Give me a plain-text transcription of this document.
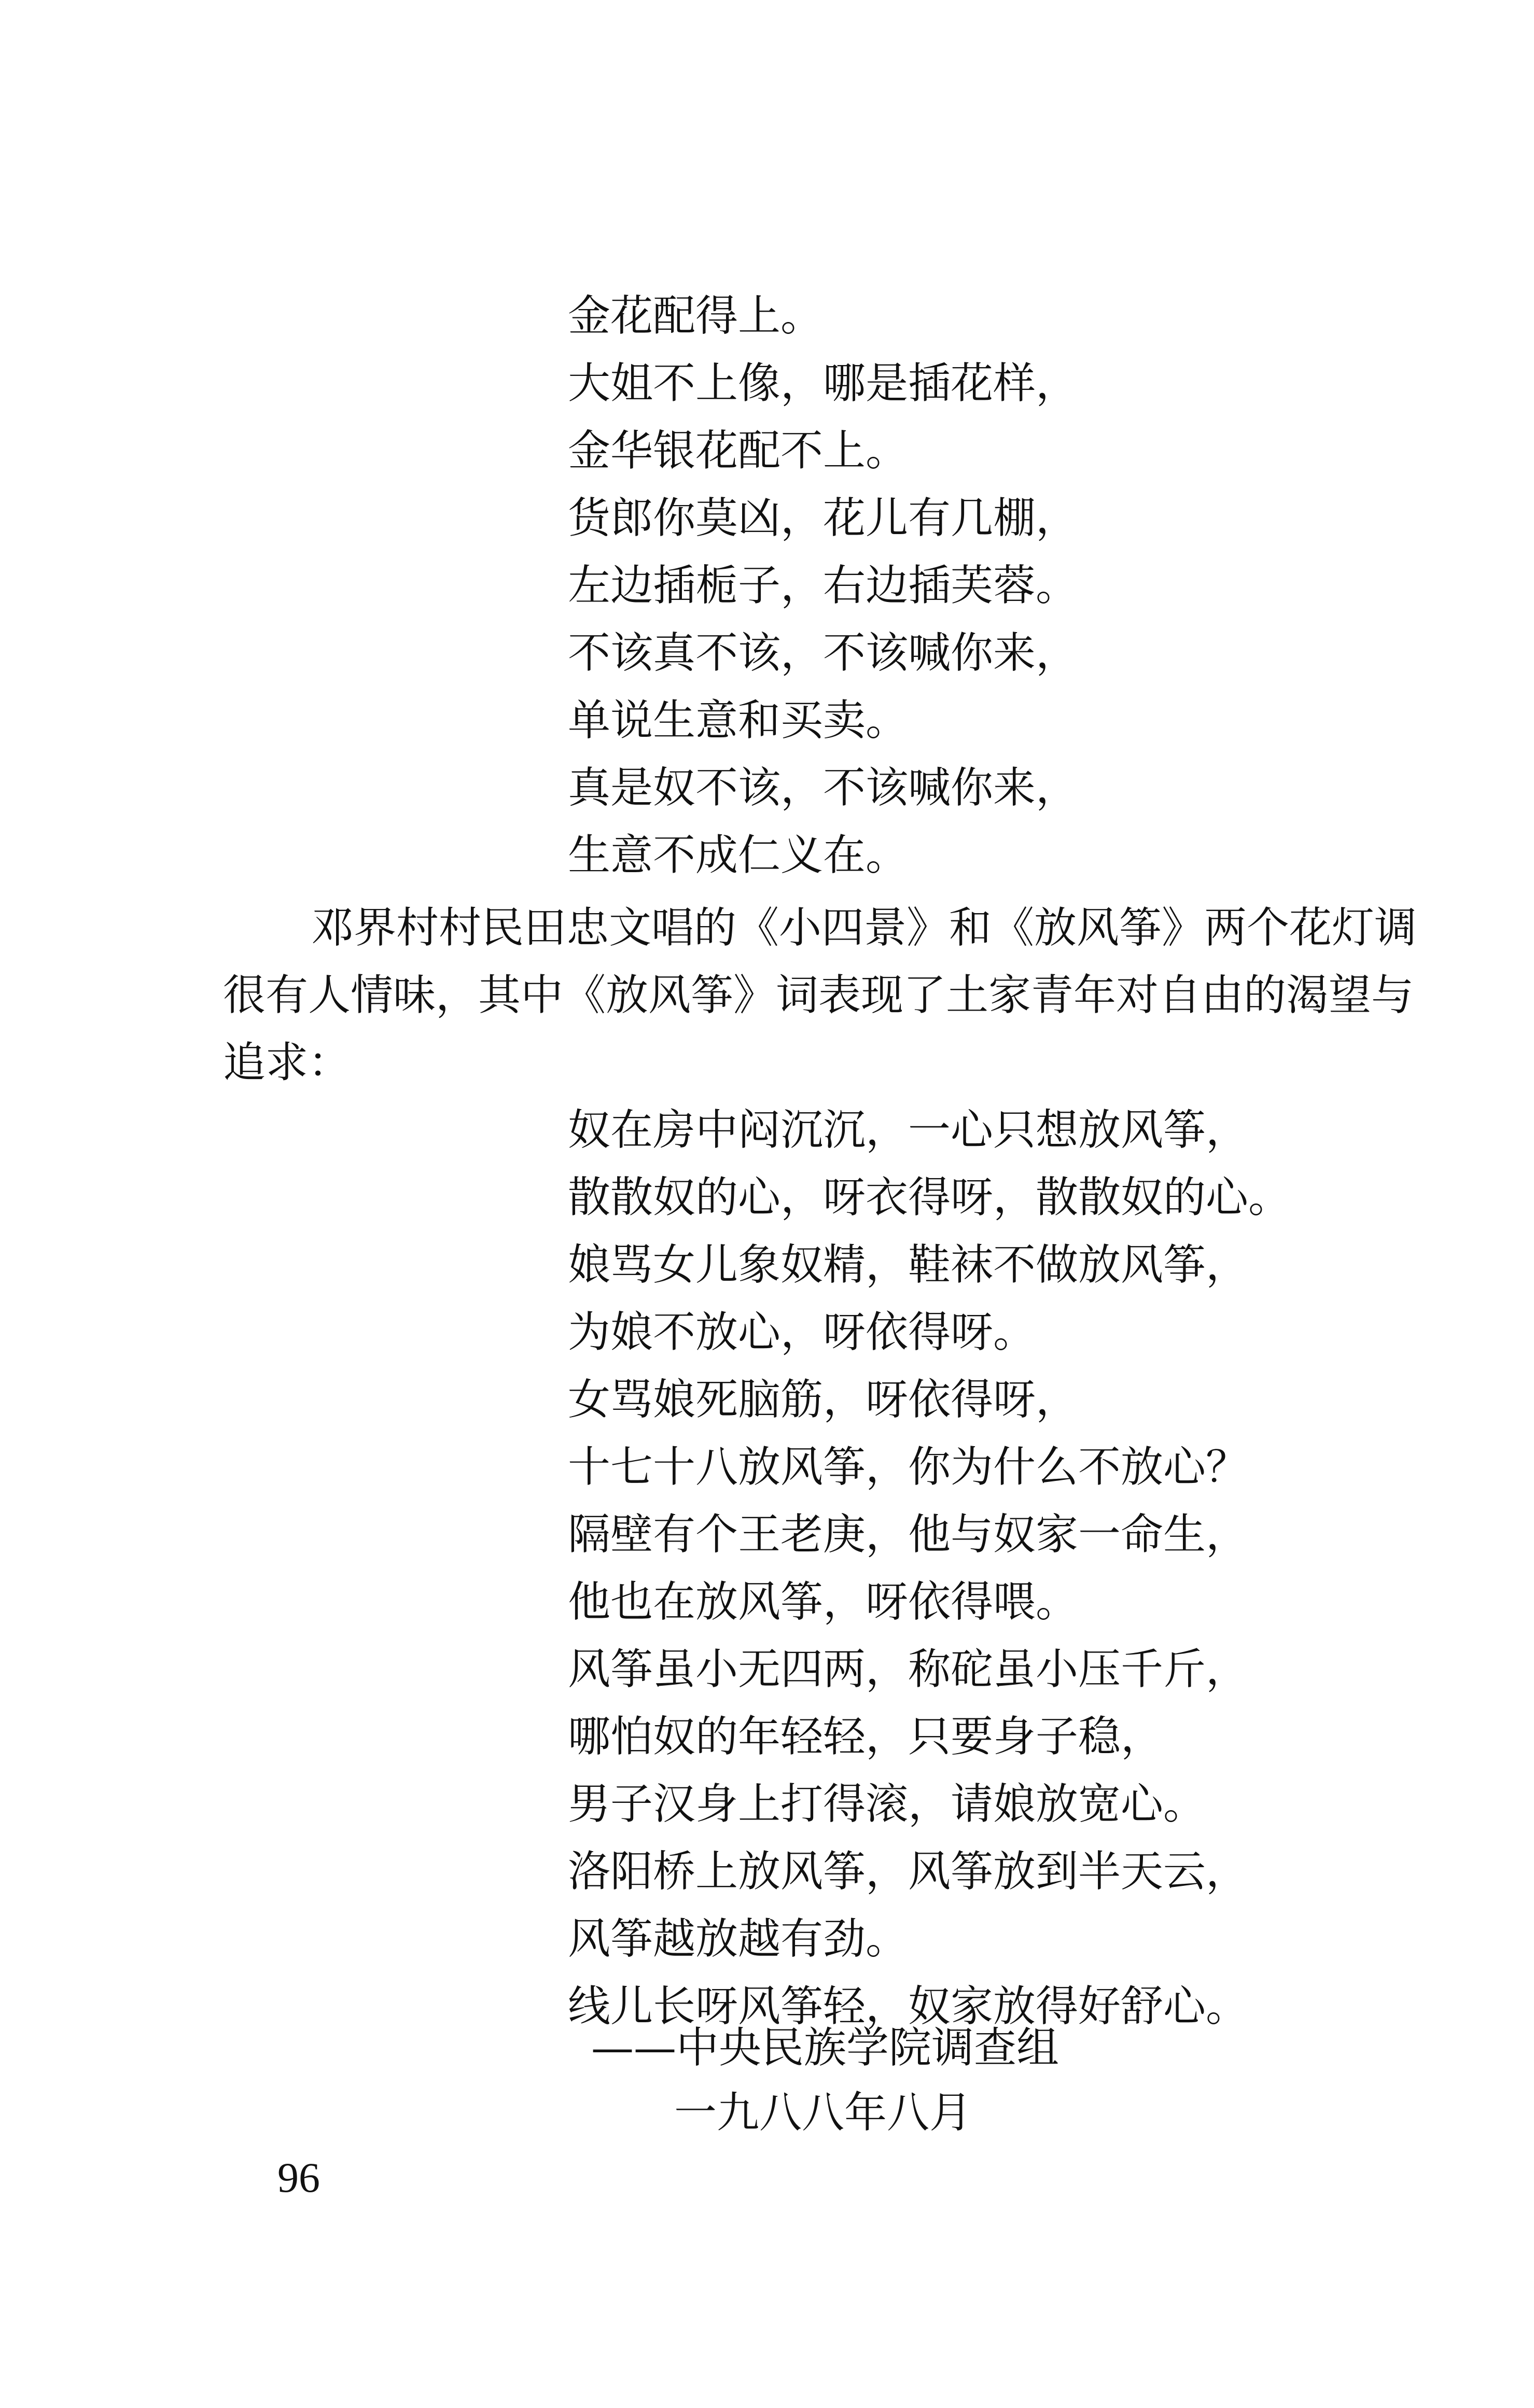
金花配得上。
大姐不上像，哪是插花样，
金华银花配不上。
货郎你莫凶，花儿有几棚，
左边插栀子，右边插芙蓉。
不该真不该，不该喊你来，
单说生意和买卖。
真是奴不该，不该喊你来，
生意不成仁义在。
邓界村村民田忠文唱的《小四景》和《放风筝》两个花灯调
很有人情味，其中《放风筝》词表现了土家青年对自由的渴望与
追求：
奴在房中闷沉沉，一心只想放风筝，
散散奴的心，呀衣得呀，散散奴的心。
娘骂女儿象奴精，鞋袜不做放风筝，
为娘不放心，呀依得呀。
女骂娘死脑筋，呀依得呀，
十七十八放风筝，你为什么不放心？
隔壁有个王老庚，他与奴家一命生，
他也在放风筝，呀依得喂。
风筝虽小无四两，称砣虽小压千斤，
哪怕奴的年轻轻，只要身子稳，
男子汉身上打得滚，请娘放宽心。
洛阳桥上放风筝，风筝放到半天云，
风筝越放越有劲。
线儿长呀风筝轻，奴家放得好舒心。
——中央民族学院调查组
一九八八年八月
96
